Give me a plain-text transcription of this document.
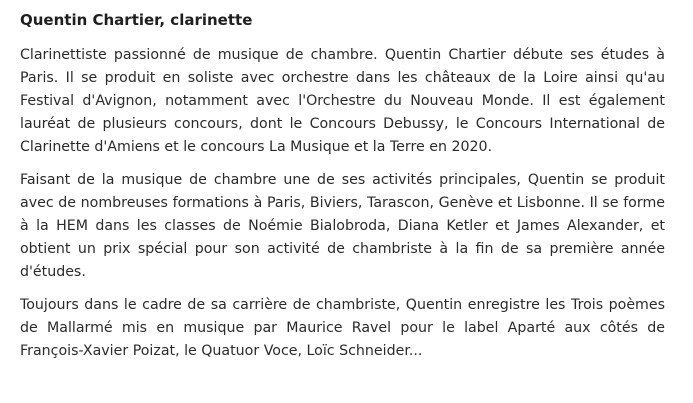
Quentin Chartier, clarinette

Clarinettiste passionné de musique de chambre. Quentin Chartier débute ses études à Paris. Il se produit en soliste avec orchestre dans les châteaux de la Loire ainsi qu'au Festival d'Avignon, notamment avec l'Orchestre du Nouveau Monde. Il est également lauréat de plusieurs concours, dont le Concours Debussy, le Concours International de Clarinette d'Amiens et le concours La Musique et la Terre en 2020.

Faisant de la musique de chambre une de ses activités principales, Quentin se produit avec de nombreuses formations à Paris, Biviers, Tarascon, Genève et Lisbonne. Il se forme à la HEM dans les classes de Noémie Bialobroda, Diana Ketler et James Alexander, et obtient un prix spécial pour son activité de chambriste à la fin de sa première année d'études.

Toujours dans le cadre de sa carrière de chambriste, Quentin enregistre les Trois poèmes de Mallarmé mis en musique par Maurice Ravel pour le label Aparté aux côtés de François-Xavier Poizat, le Quatuor Voce, Loïc Schneider...
